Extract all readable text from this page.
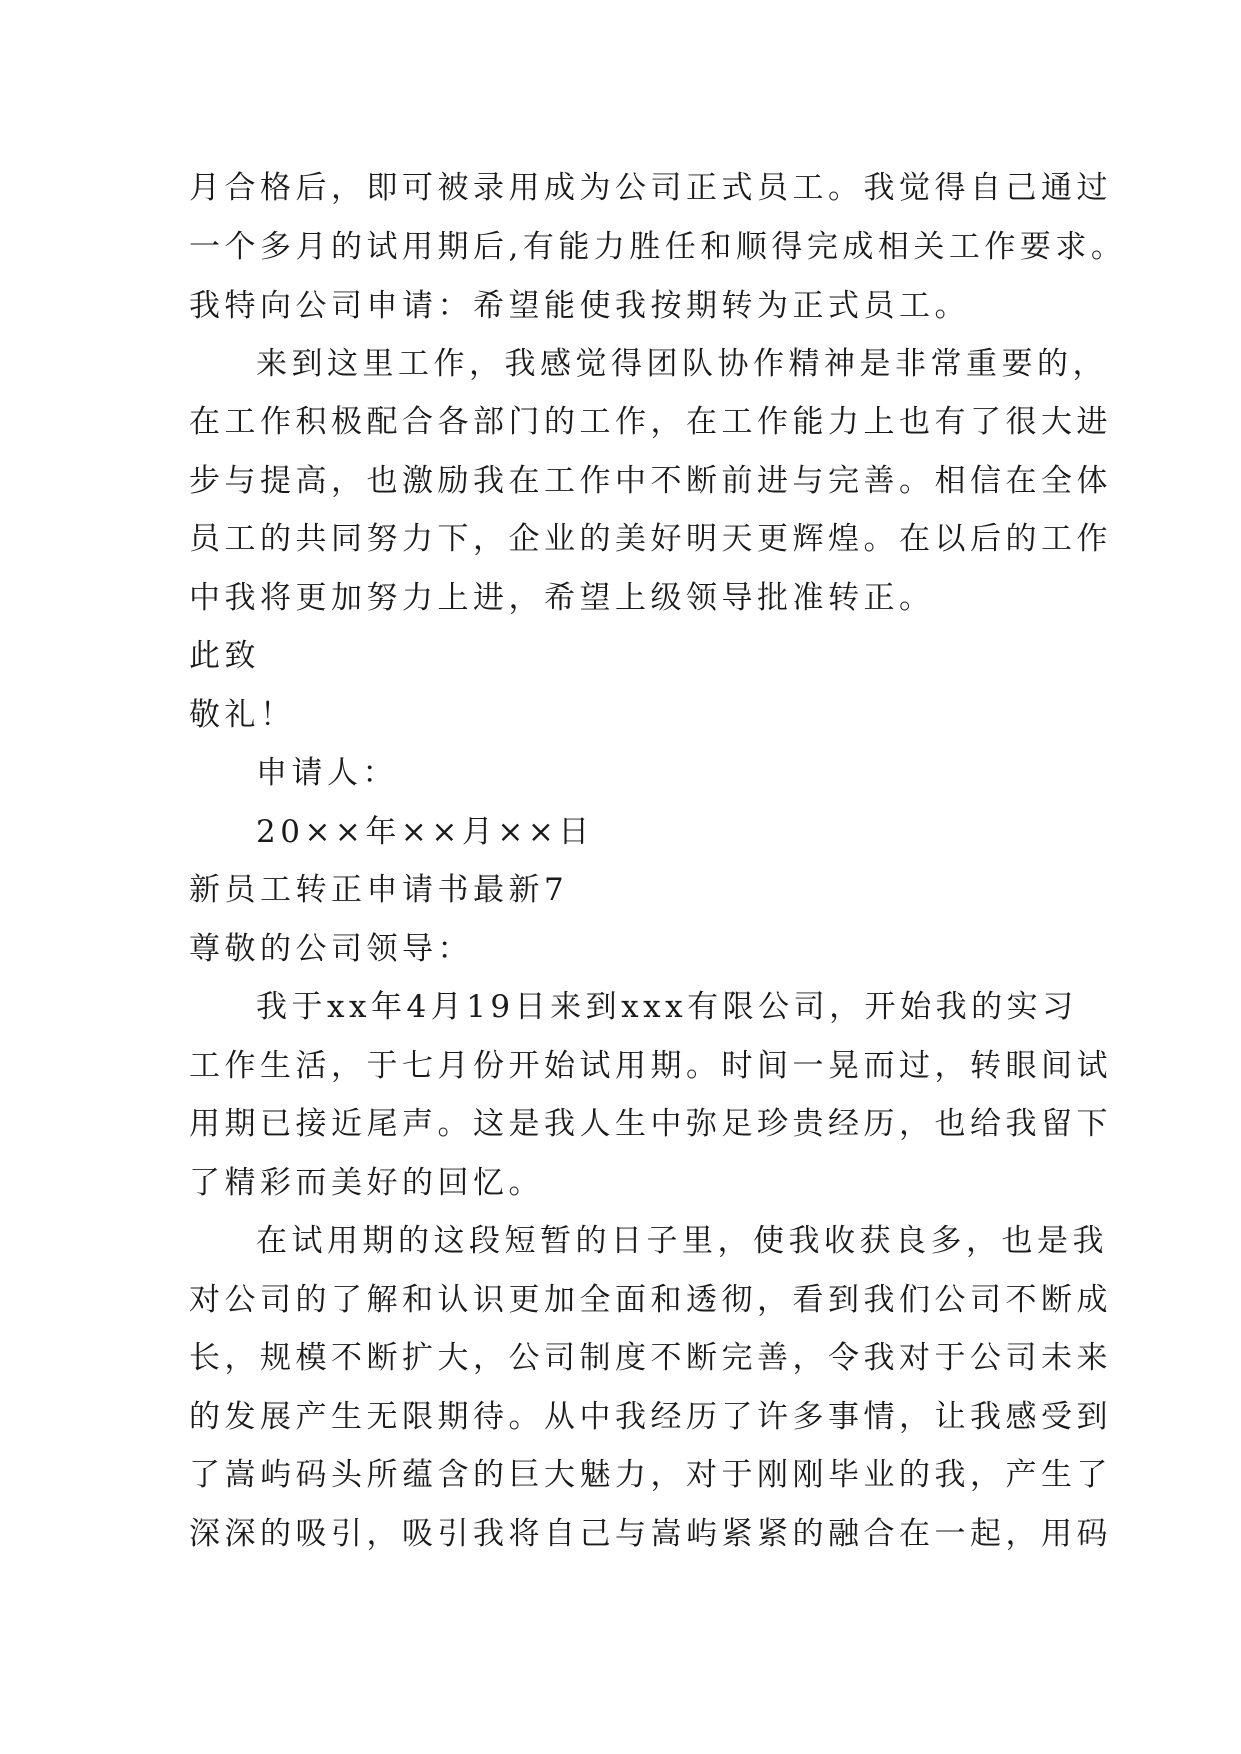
月合格后，即可被录用成为公司正式员工。我觉得自己通过
一个多月的试用期后,有能力胜任和顺得完成相关工作要求。
我特向公司申请：希望能使我按期转为正式员工。
来到这里工作，我感觉得团队协作精神是非常重要的，
在工作积极配合各部门的工作，在工作能力上也有了很大进
步与提高，也激励我在工作中不断前进与完善。相信在全体
员工的共同努力下，企业的美好明天更辉煌。在以后的工作
中我将更加努力上进，希望上级领导批准转正。
此致
敬礼！
申请人：
20××年××月××日
新员工转正申请书最新7
尊敬的公司领导：
我于xx年4月19日来到xxx有限公司，开始我的实习
工作生活，于七月份开始试用期。时间一晃而过，转眼间试
用期已接近尾声。这是我人生中弥足珍贵经历，也给我留下
了精彩而美好的回忆。
在试用期的这段短暂的日子里，使我收获良多，也是我
对公司的了解和认识更加全面和透彻，看到我们公司不断成
长，规模不断扩大，公司制度不断完善，令我对于公司未来
的发展产生无限期待。从中我经历了许多事情，让我感受到
了嵩屿码头所蕴含的巨大魅力，对于刚刚毕业的我，产生了
深深的吸引，吸引我将自己与嵩屿紧紧的融合在一起，用码
